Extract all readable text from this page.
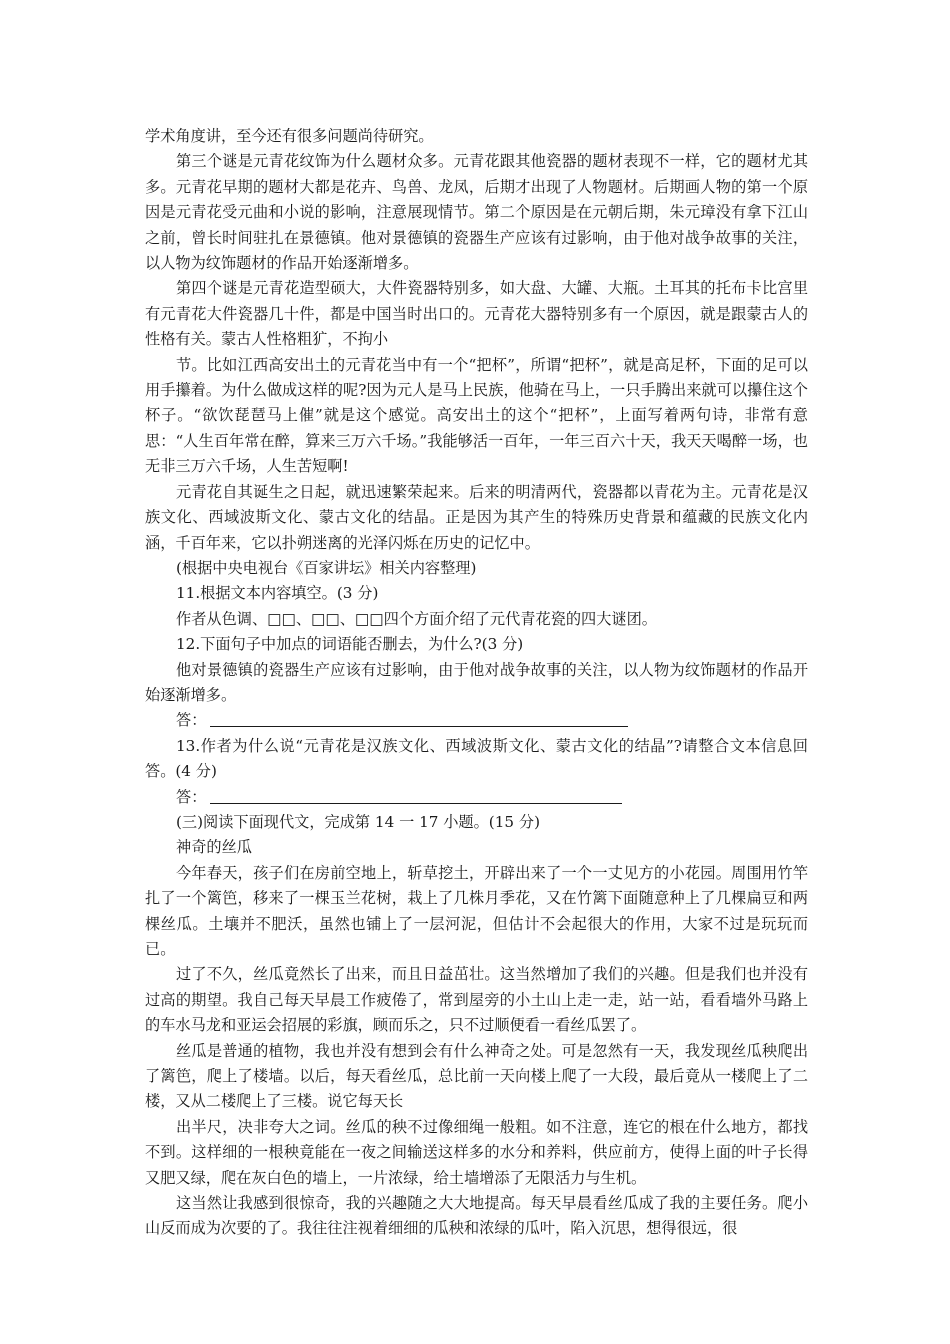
学术角度讲，至今还有很多问题尚待研究。

第三个谜是元青花纹饰为什么题材众多。元青花跟其他瓷器的题材表现不一样，它的题材尤其多。元青花早期的题材大都是花卉、鸟兽、龙凤，后期才出现了人物题材。后期画人物的第一个原因是元青花受元曲和小说的影响，注意展现情节。第二个原因是在元朝后期，朱元璋没有拿下江山之前，曾长时间驻扎在景德镇。他对景德镇的瓷器生产应该有过影响，由于他对战争故事的关注，以人物为纹饰题材的作品开始逐渐增多。

第四个谜是元青花造型硕大，大件瓷器特别多，如大盘、大罐、大瓶。土耳其的托布卡比宫里有元青花大件瓷器几十件，都是中国当时出口的。元青花大器特别多有一个原因，就是跟蒙古人的性格有关。蒙古人性格粗犷，不拘小

节。比如江西高安出土的元青花当中有一个“把杯”，所谓“把杯”，就是高足杯，下面的足可以用手攥着。为什么做成这样的呢?因为元人是马上民族，他骑在马上，一只手腾出来就可以攥住这个杯子。“欲饮琵琶马上催”就是这个感觉。高安出土的这个“把杯”，上面写着两句诗，非常有意思：“人生百年常在醉，算来三万六千场。”我能够活一百年，一年三百六十天，我天天喝醉一场，也无非三万六千场，人生苦短啊!

元青花自其诞生之日起，就迅速繁荣起来。后来的明清两代，瓷器都以青花为主。元青花是汉族文化、西域波斯文化、蒙古文化的结晶。正是因为其产生的特殊历史背景和蕴藏的民族文化内涵，千百年来，它以扑朔迷离的光泽闪烁在历史的记忆中。

(根据中央电视台《百家讲坛》相关内容整理)

11.根据文本内容填空。(3 分)

作者从色调、□□、□□、□□四个方面介绍了元代青花瓷的四大谜团。

12.下面句子中加点的词语能否删去，为什么?(3 分)

他对景德镇的瓷器生产应该有过影响，由于他对战争故事的关注，以人物为纹饰题材的作品开始逐渐增多。

答：

13.作者为什么说“元青花是汉族文化、西域波斯文化、蒙古文化的结晶”?请整合文本信息回答。(4 分)

答：

(三)阅读下面现代文，完成第 14 一 17 小题。(15 分)

神奇的丝瓜

今年春天，孩子们在房前空地上，斩草挖土，开辟出来了一个一丈见方的小花园。周围用竹竿扎了一个篱笆，移来了一棵玉兰花树，栽上了几株月季花，又在竹篱下面随意种上了几棵扁豆和两棵丝瓜。土壤并不肥沃，虽然也铺上了一层河泥，但估计不会起很大的作用，大家不过是玩玩而已。

过了不久，丝瓜竟然长了出来，而且日益茁壮。这当然增加了我们的兴趣。但是我们也并没有过高的期望。我自己每天早晨工作疲倦了，常到屋旁的小土山上走一走，站一站，看看墙外马路上的车水马龙和亚运会招展的彩旗，顾而乐之，只不过顺便看一看丝瓜罢了。

丝瓜是普通的植物，我也并没有想到会有什么神奇之处。可是忽然有一天，我发现丝瓜秧爬出了篱笆，爬上了楼墙。以后，每天看丝瓜，总比前一天向楼上爬了一大段，最后竟从一楼爬上了二楼，又从二楼爬上了三楼。说它每天长

出半尺，决非夸大之词。丝瓜的秧不过像细绳一般粗。如不注意，连它的根在什么地方，都找不到。这样细的一根秧竟能在一夜之间输送这样多的水分和养料，供应前方，使得上面的叶子长得又肥又绿，爬在灰白色的墙上，一片浓绿，给土墙增添了无限活力与生机。

这当然让我感到很惊奇，我的兴趣随之大大地提高。每天早晨看丝瓜成了我的主要任务。爬小山反而成为次要的了。我往往注视着细细的瓜秧和浓绿的瓜叶，陷入沉思，想得很远，很
